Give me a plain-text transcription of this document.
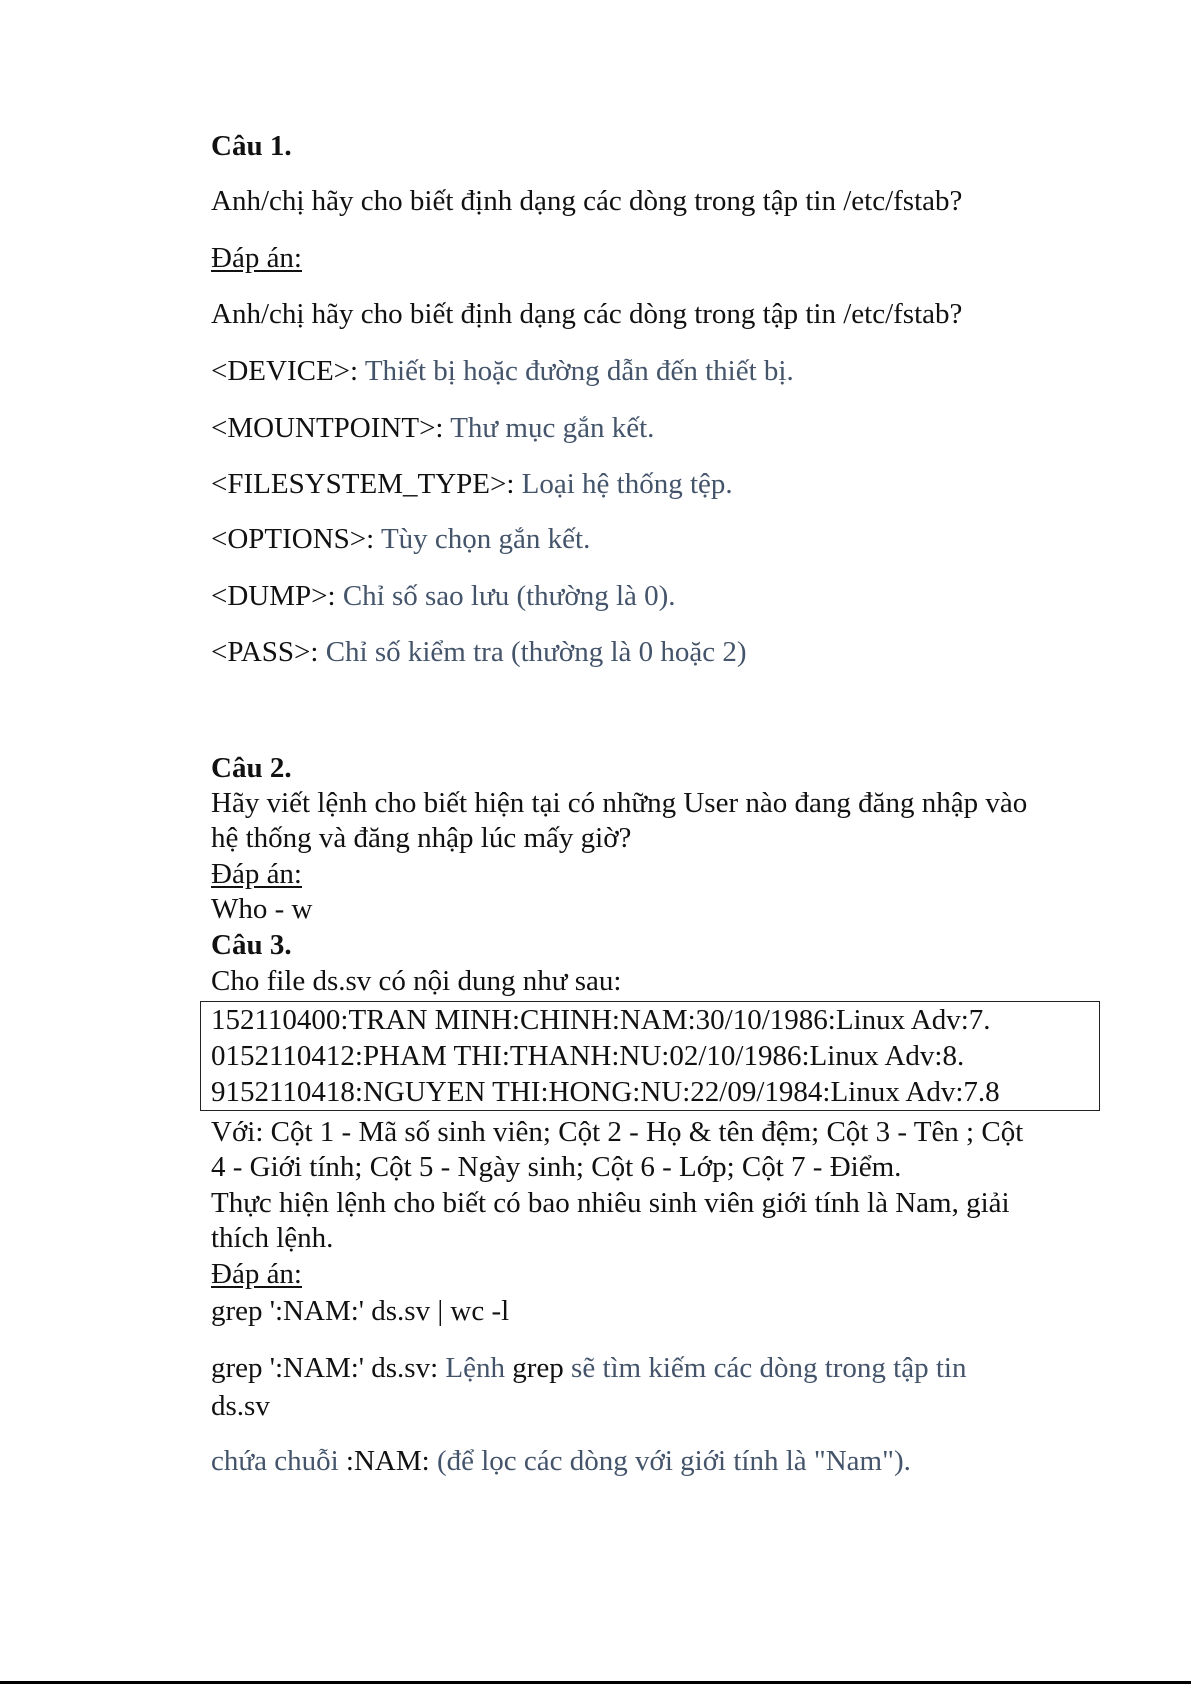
Câu 1.
Anh/chị hãy cho biết định dạng các dòng trong tập tin /etc/fstab?
Đáp án:
Anh/chị hãy cho biết định dạng các dòng trong tập tin /etc/fstab?
<DEVICE>: Thiết bị hoặc đường dẫn đến thiết bị.
<MOUNTPOINT>: Thư mục gắn kết.
<FILESYSTEM_TYPE>: Loại hệ thống tệp.
<OPTIONS>: Tùy chọn gắn kết.
<DUMP>: Chỉ số sao lưu (thường là 0).
<PASS>: Chỉ số kiểm tra (thường là 0 hoặc 2)
Câu 2.
Hãy viết lệnh cho biết hiện tại có những User nào đang đăng nhập vào
hệ thống và đăng nhập lúc mấy giờ?
Đáp án:
Who - w
Câu 3.
Cho file ds.sv có nội dung như sau:
152110400:TRAN MINH:CHINH:NAM:30/10/1986:Linux Adv:7.
0152110412:PHAM THI:THANH:NU:02/10/1986:Linux Adv:8.
9152110418:NGUYEN THI:HONG:NU:22/09/1984:Linux Adv:7.8
Với: Cột 1 - Mã số sinh viên; Cột 2 - Họ & tên đệm; Cột 3 - Tên ; Cột
4 - Giới tính; Cột 5 - Ngày sinh; Cột 6 - Lớp; Cột 7 - Điểm.
Thực hiện lệnh cho biết có bao nhiêu sinh viên giới tính là Nam, giải
thích lệnh.
Đáp án:
grep ':NAM:' ds.sv | wc -l
grep ':NAM:' ds.sv: Lệnh grep sẽ tìm kiếm các dòng trong tập tin
ds.sv
chứa chuỗi :NAM: (để lọc các dòng với giới tính là "Nam").
